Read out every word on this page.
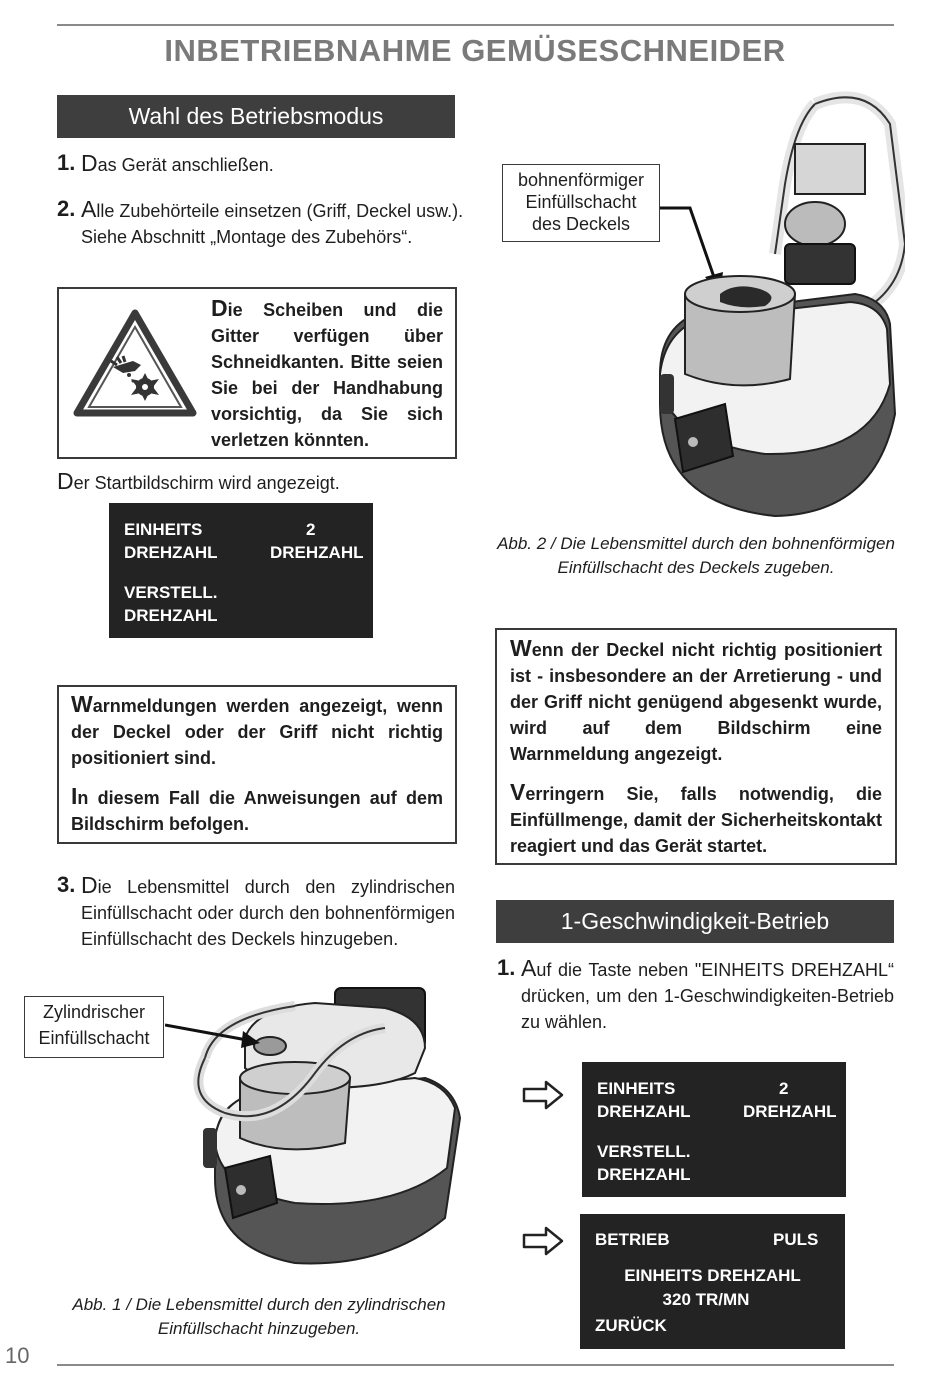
INBETRIEBNAHME GEMÜSESCHNEIDER
Wahl des Betriebsmodus
1. Das Gerät anschließen.
2. Alle Zubehörteile einsetzen (Griff, Deckel usw.).
Siehe Abschnitt „Montage des Zubehörs“.
Die Scheiben und die Gitter verfügen über Schneidkanten. Bitte seien Sie bei der Handhabung vorsichtig, da Sie sich verletzen könnten.
Der Startbildschirm wird angezeigt.
EINHEITS
DREHZAHL
2
DREHZAHL
VERSTELL.
DREHZAHL
Warnmeldungen werden angezeigt, wenn der Deckel oder der Griff nicht richtig positioniert sind.
In diesem Fall die Anweisungen auf dem Bildschirm befolgen.
3. Die Lebensmittel durch den zylindrischen Einfüllschacht oder durch den bohnenförmigen Einfüllschacht des Deckels hinzugeben.
Zylindrischer
Einfüllschacht
Abb. 1 / Die Lebensmittel durch den zylindrischen
Einfüllschacht hinzugeben.
bohnenförmiger
Einfüllschacht
des Deckels
Abb. 2 / Die Lebensmittel durch den bohnenförmigen
Einfüllschacht des Deckels zugeben.
Wenn der Deckel nicht richtig positioniert ist - insbesondere an der Arretierung - und der Griff nicht genügend abgesenkt wurde, wird auf dem Bildschirm eine Warnmeldung angezeigt.
Verringern Sie, falls notwendig, die Einfüllmenge, damit der Sicherheitskontakt reagiert und das Gerät startet.
1-Geschwindigkeit-Betrieb
1. Auf die Taste neben "EINHEITS DREHZAHL“ drücken, um den 1-Geschwindigkeiten-Betrieb zu wählen.
EINHEITS
DREHZAHL
2
DREHZAHL
VERSTELL.
DREHZAHL
BETRIEB	PULS
EINHEITS DREHZAHL
320 TR/MN
ZURÜCK
10
